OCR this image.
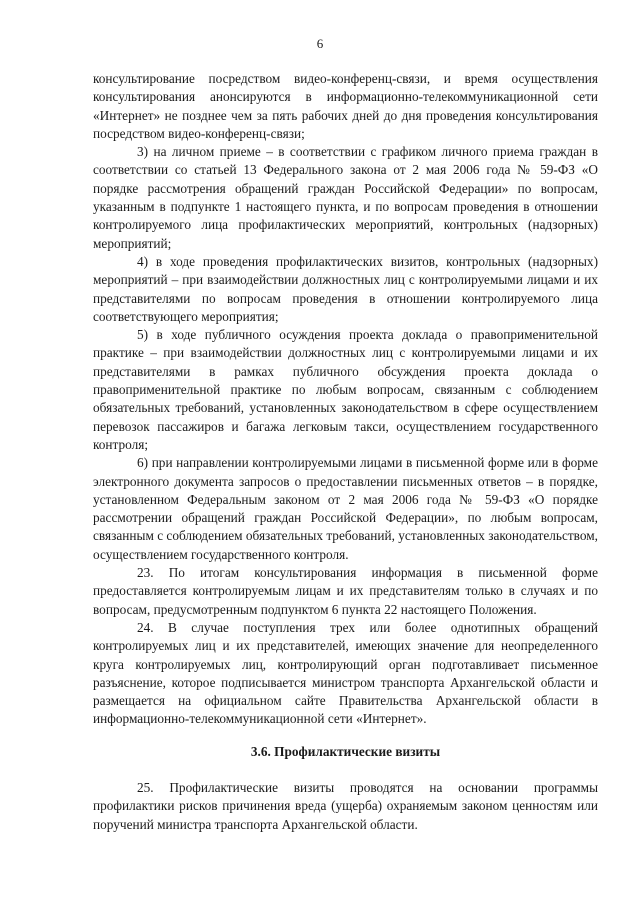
6

консультирование посредством видео-конференц-связи, и время осуществления консультирования анонсируются в информационно-телекоммуникационной сети «Интернет» не позднее чем за пять рабочих дней до дня проведения консультирования посредством видео-конференц-связи;

3) на личном приеме – в соответствии с графиком личного приема граждан в соответствии со статьей 13 Федерального закона от 2 мая 2006 года № 59-ФЗ «О порядке рассмотрения обращений граждан Российской Федерации» по вопросам, указанным в подпункте 1 настоящего пункта, и по вопросам проведения в отношении контролируемого лица профилактических мероприятий, контрольных (надзорных) мероприятий;

4) в ходе проведения профилактических визитов, контрольных (надзорных) мероприятий – при взаимодействии должностных лиц с контролируемыми лицами и их представителями по вопросам проведения в отношении контролируемого лица соответствующего мероприятия;

5) в ходе публичного осуждения проекта доклада о правоприменительной практике – при взаимодействии должностных лиц с контролируемыми лицами и их представителями в рамках публичного обсуждения проекта доклада о правоприменительной практике по любым вопросам, связанным с соблюдением обязательных требований, установленных законодательством в сфере осуществлением перевозок пассажиров и багажа легковым такси, осуществлением государственного контроля;

6) при направлении контролируемыми лицами в письменной форме или в форме электронного документа запросов о предоставлении письменных ответов – в порядке, установленном Федеральным законом от 2 мая 2006 года № 59-ФЗ «О порядке рассмотрении обращений граждан Российской Федерации», по любым вопросам, связанным с соблюдением обязательных требований, установленных законодательством, осуществлением государственного контроля.

23. По итогам консультирования информация в письменной форме предоставляется контролируемым лицам и их представителям только в случаях и по вопросам, предусмотренным подпунктом 6 пункта 22 настоящего Положения.

24. В случае поступления трех или более однотипных обращений контролируемых лиц и их представителей, имеющих значение для неопределенного круга контролируемых лиц, контролирующий орган подготавливает письменное разъяснение, которое подписывается министром транспорта Архангельской области и размещается на официальном сайте Правительства Архангельской области в информационно-телекоммуникационной сети «Интернет».

3.6. Профилактические визиты

25. Профилактические визиты проводятся на основании программы профилактики рисков причинения вреда (ущерба) охраняемым законом ценностям или поручений министра транспорта Архангельской области.
